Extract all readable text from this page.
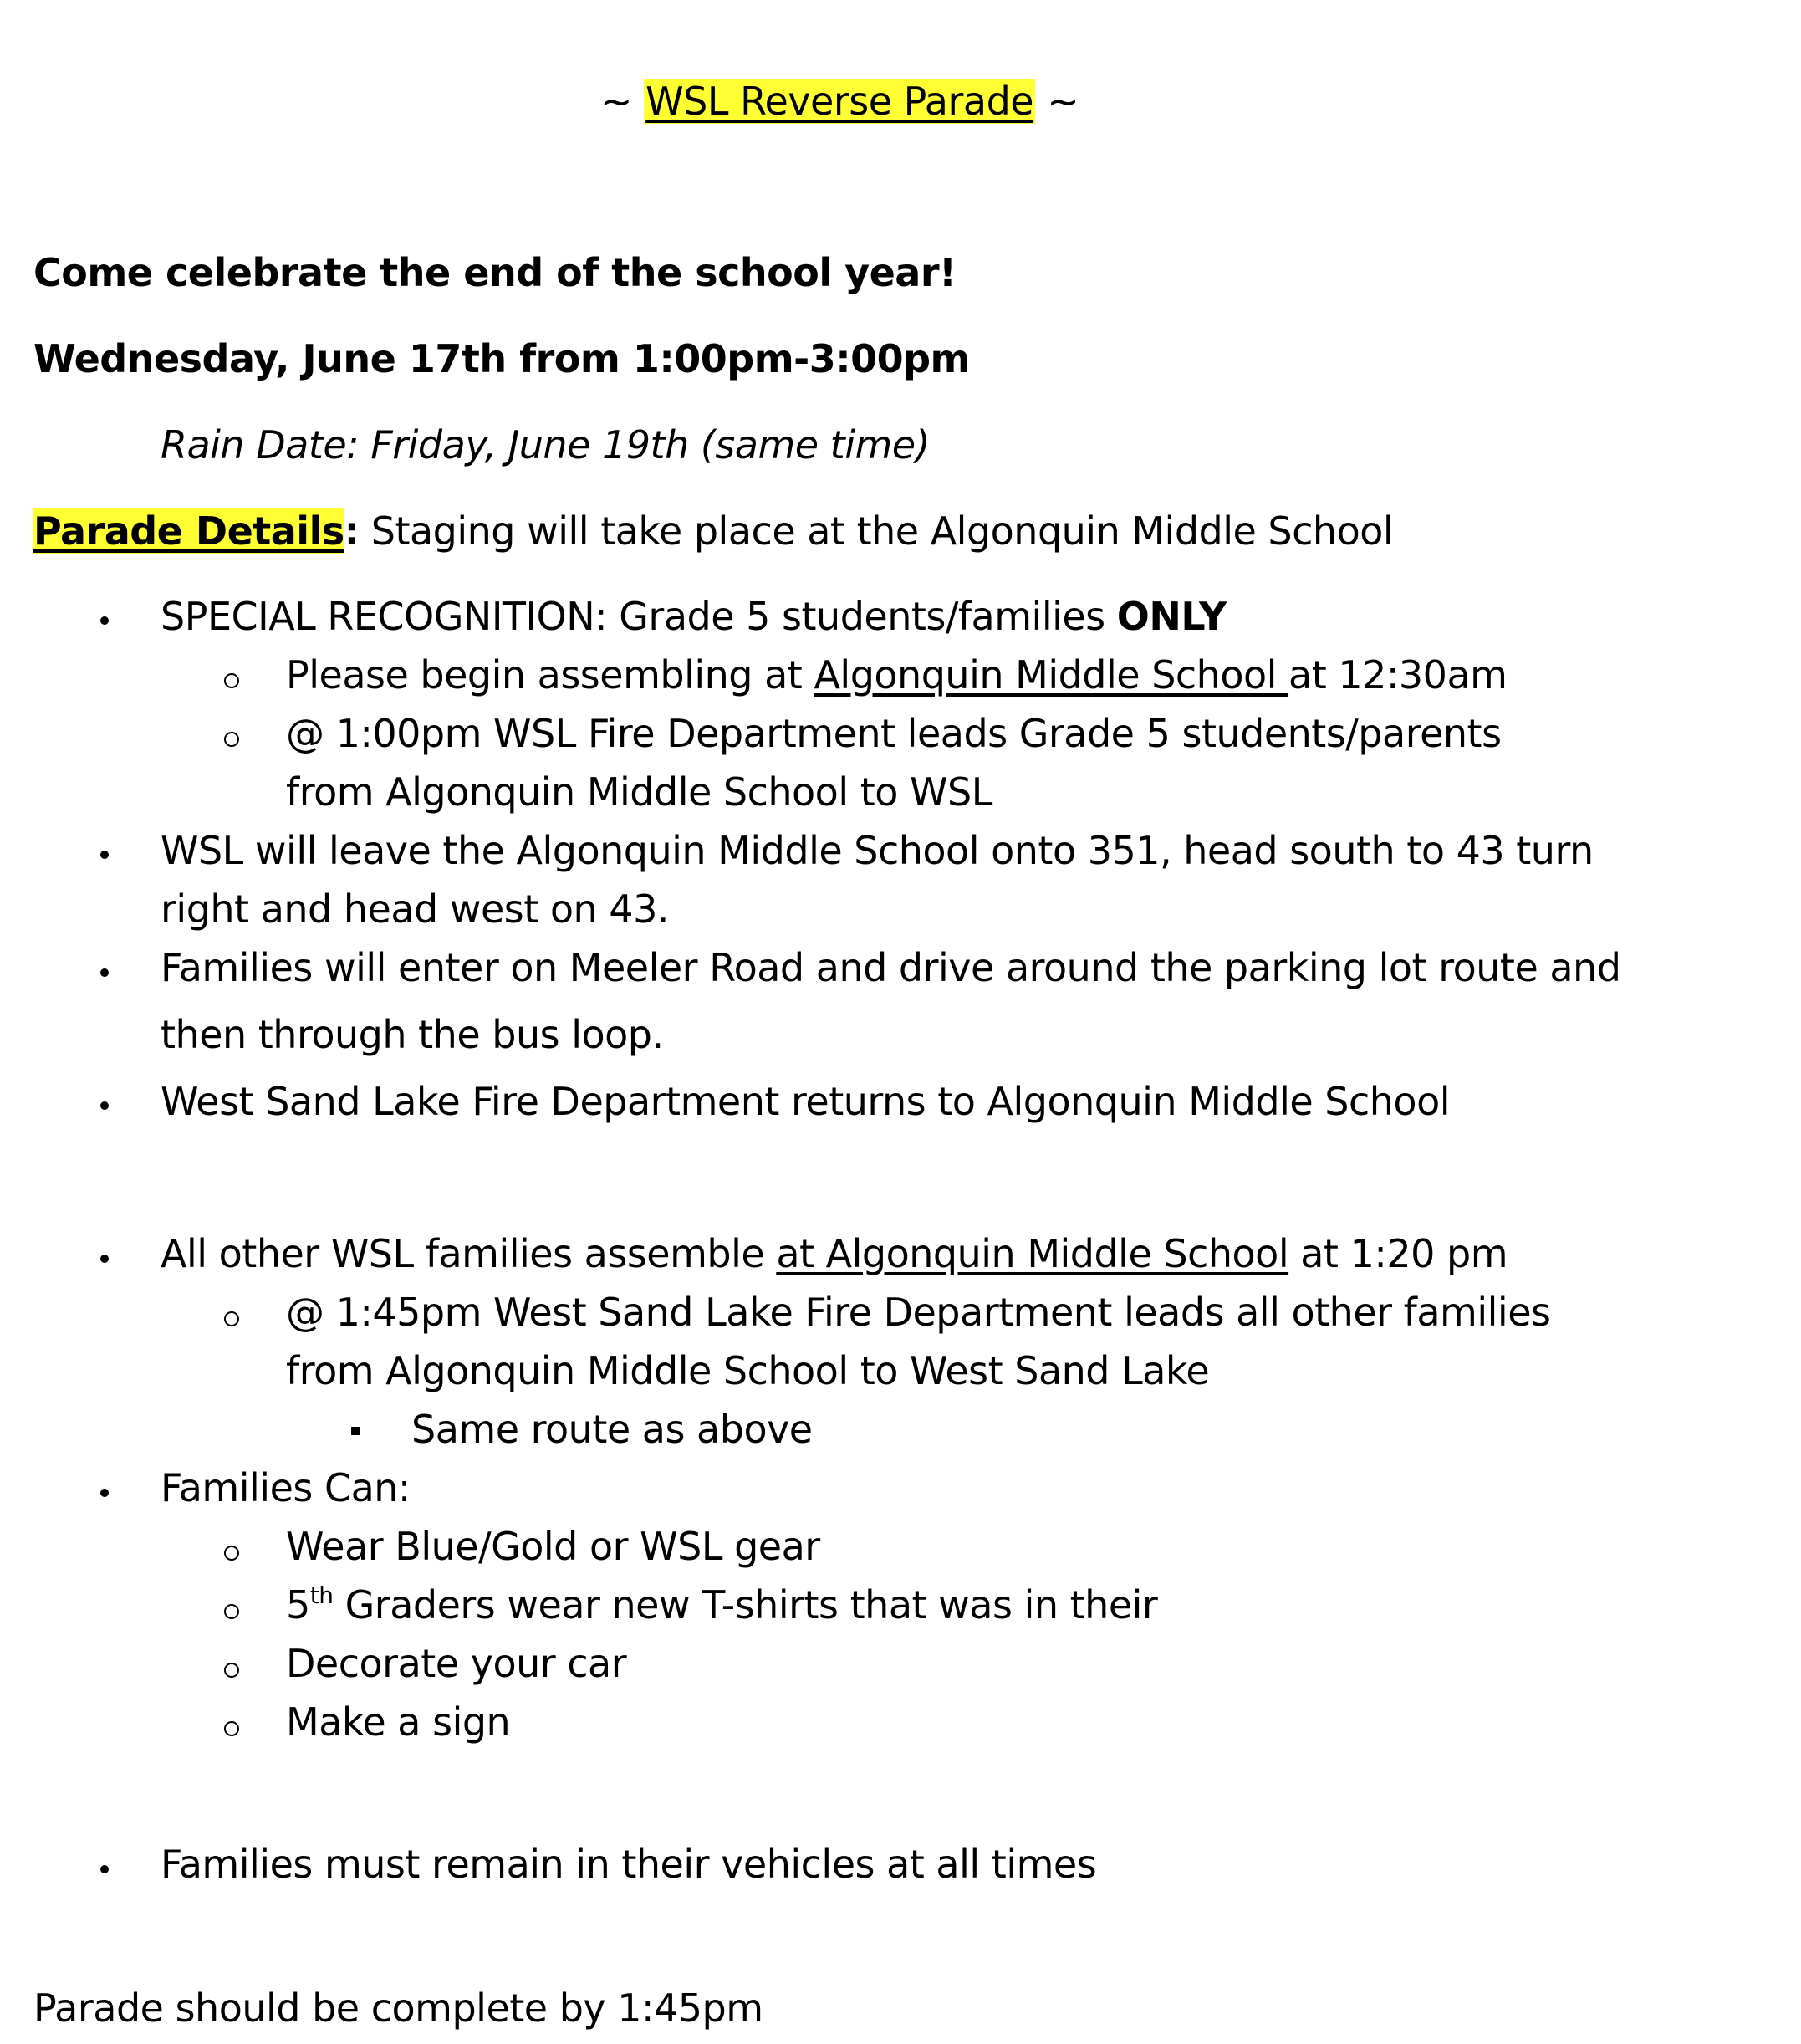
~ WSL Reverse Parade ~
Come celebrate the end of the school year!
Wednesday, June 17th from 1:00pm-3:00pm
Rain Date: Friday, June 19th (same time)
Parade Details: Staging will take place at the Algonquin Middle School
SPECIAL RECOGNITION: Grade 5 students/families ONLY
Please begin assembling at Algonquin Middle School at 12:30am
@ 1:00pm WSL Fire Department leads Grade 5 students/parents
from Algonquin Middle School to WSL
WSL will leave the Algonquin Middle School onto 351, head south to 43 turn
right and head west on 43.
Families will enter on Meeler Road and drive around the parking lot route and
then through the bus loop.
West Sand Lake Fire Department returns to Algonquin Middle School
All other WSL families assemble at Algonquin Middle School at 1:20 pm
@ 1:45pm West Sand Lake Fire Department leads all other families
from Algonquin Middle School to West Sand Lake
Same route as above
Families Can:
Wear Blue/Gold or WSL gear
5th Graders wear new T-shirts that was in their
Decorate your car
Make a sign
Families must remain in their vehicles at all times
Parade should be complete by 1:45pm
